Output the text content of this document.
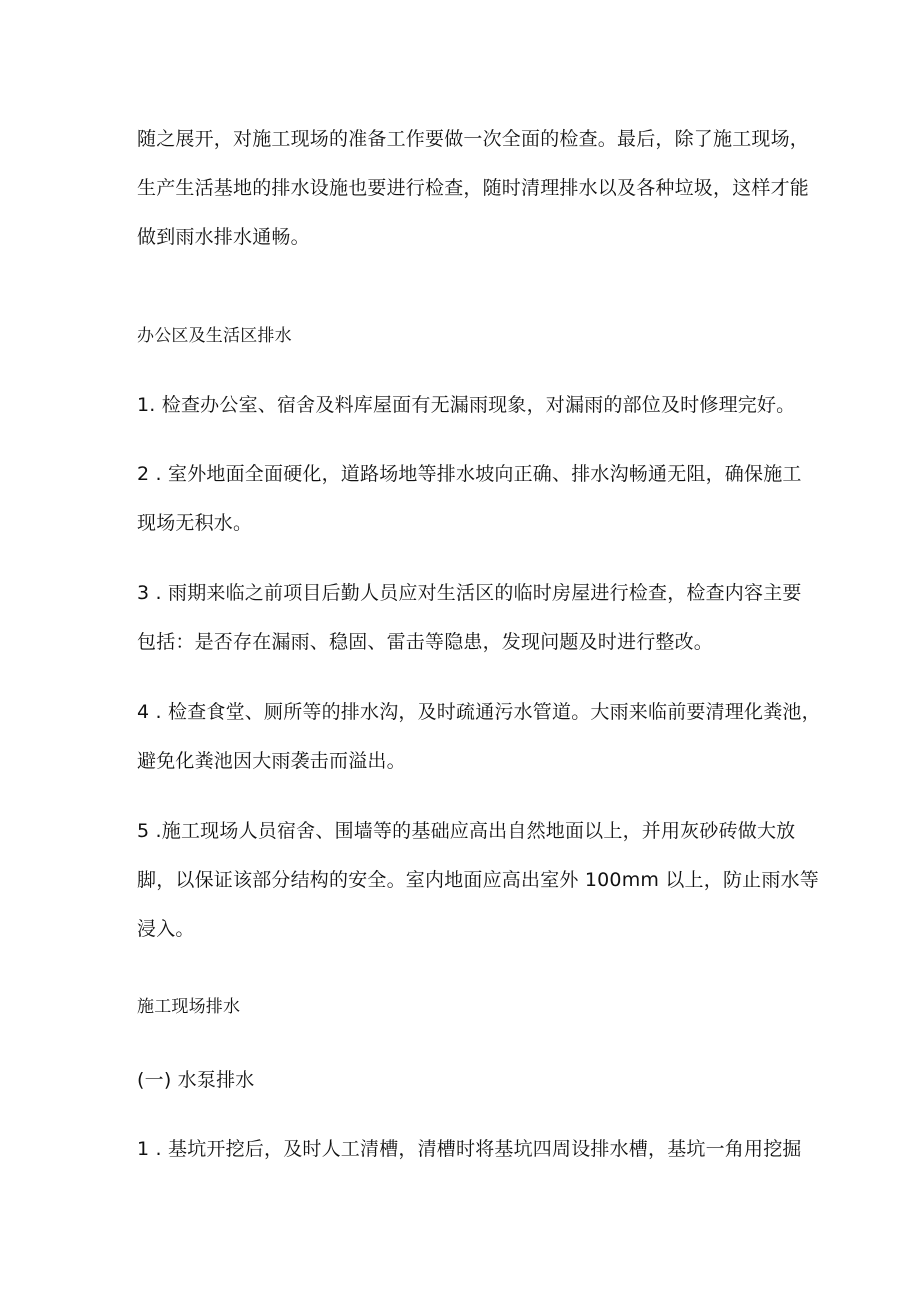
随之展开，对施工现场的准备工作要做一次全面的检查。最后，除了施工现场，
生产生活基地的排水设施也要进行检查，随时清理排水以及各种垃圾，这样才能
做到雨水排水通畅。
办公区及生活区排水
1. 检查办公室、宿舍及料库屋面有无漏雨现象，对漏雨的部位及时修理完好。
2 . 室外地面全面硬化，道路场地等排水坡向正确、排水沟畅通无阻，确保施工
现场无积水。
3 . 雨期来临之前项目后勤人员应对生活区的临时房屋进行检查，检查内容主要
包括：是否存在漏雨、稳固、雷击等隐患，发现问题及时进行整改。
4 . 检查食堂、厕所等的排水沟，及时疏通污水管道。大雨来临前要清理化粪池，
避免化粪池因大雨袭击而溢出。
5 .施工现场人员宿舍、围墙等的基础应高出自然地面以上，并用灰砂砖做大放
脚，以保证该部分结构的安全。室内地面应高出室外 100mm 以上，防止雨水等
浸入。
施工现场排水
(一) 水泵排水
1 . 基坑开挖后，及时人工清槽，清槽时将基坑四周设排水槽，基坑一角用挖掘
